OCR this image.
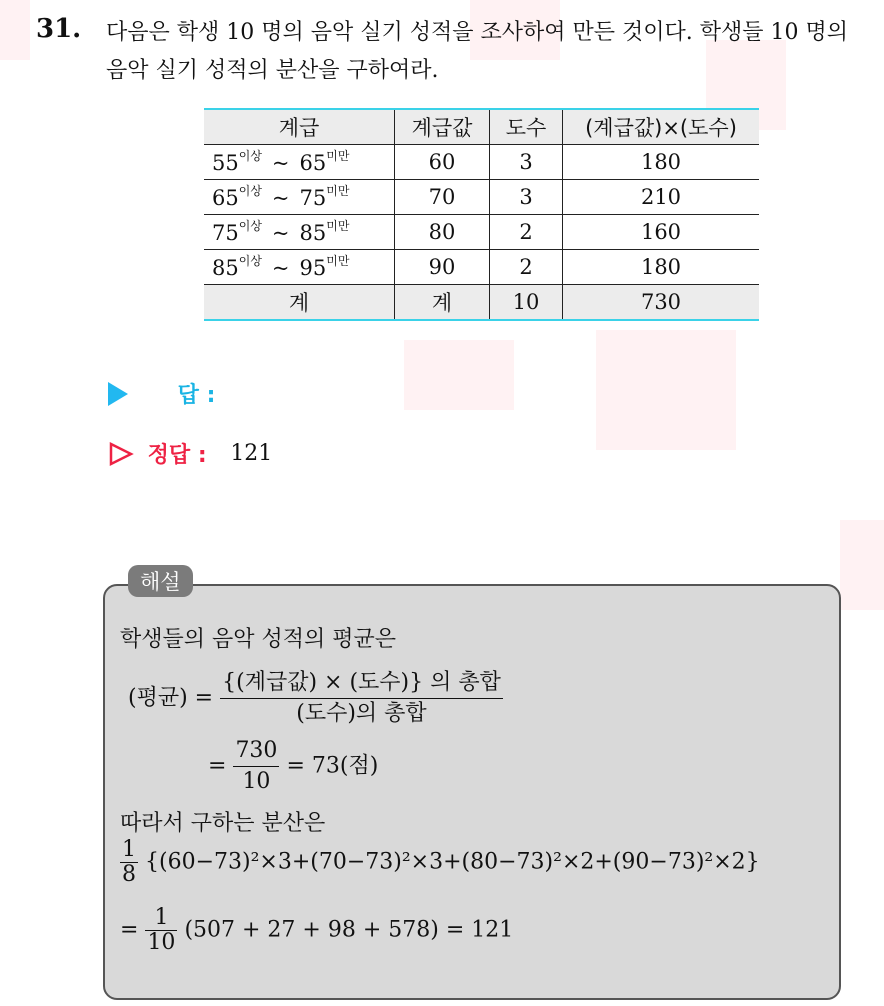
31. 다음은 학생 10 명의 음악 실기 성적을 조사하여 만든 것이다. 학생들 10 명의 음악 실기 성적의 분산을 구하여라.
계급	계급값	도수	(계급값)×(도수)
$55^{이상}$ ~ $65^{미만}$	60	3	180
$65^{이상}$ ~ $75^{미만}$	70	3	210
$75^{이상}$ ~ $85^{미만}$	80	2	160
$85^{이상}$ ~ $95^{미만}$	90	2	180
계	계	10	730
답 :
정답 : 121
해설
학생들의 음악 성적의 평균은
(평균) = $\frac{\text{\{(계급값) × (도수)\} 의 총합}}{\text{(도수)의 총합}}$
= $\frac{730}{10} = 73$(점)
따라서 구하는 분산은
$\frac{1}{8} \{(60-73)^2\times 3+(70-73)^2\times 3+(80-73)^2\times 2+(90-73)^2\times 2\}$
= $\frac{1}{10} (507 + 27 + 98 + 578) = 121$
